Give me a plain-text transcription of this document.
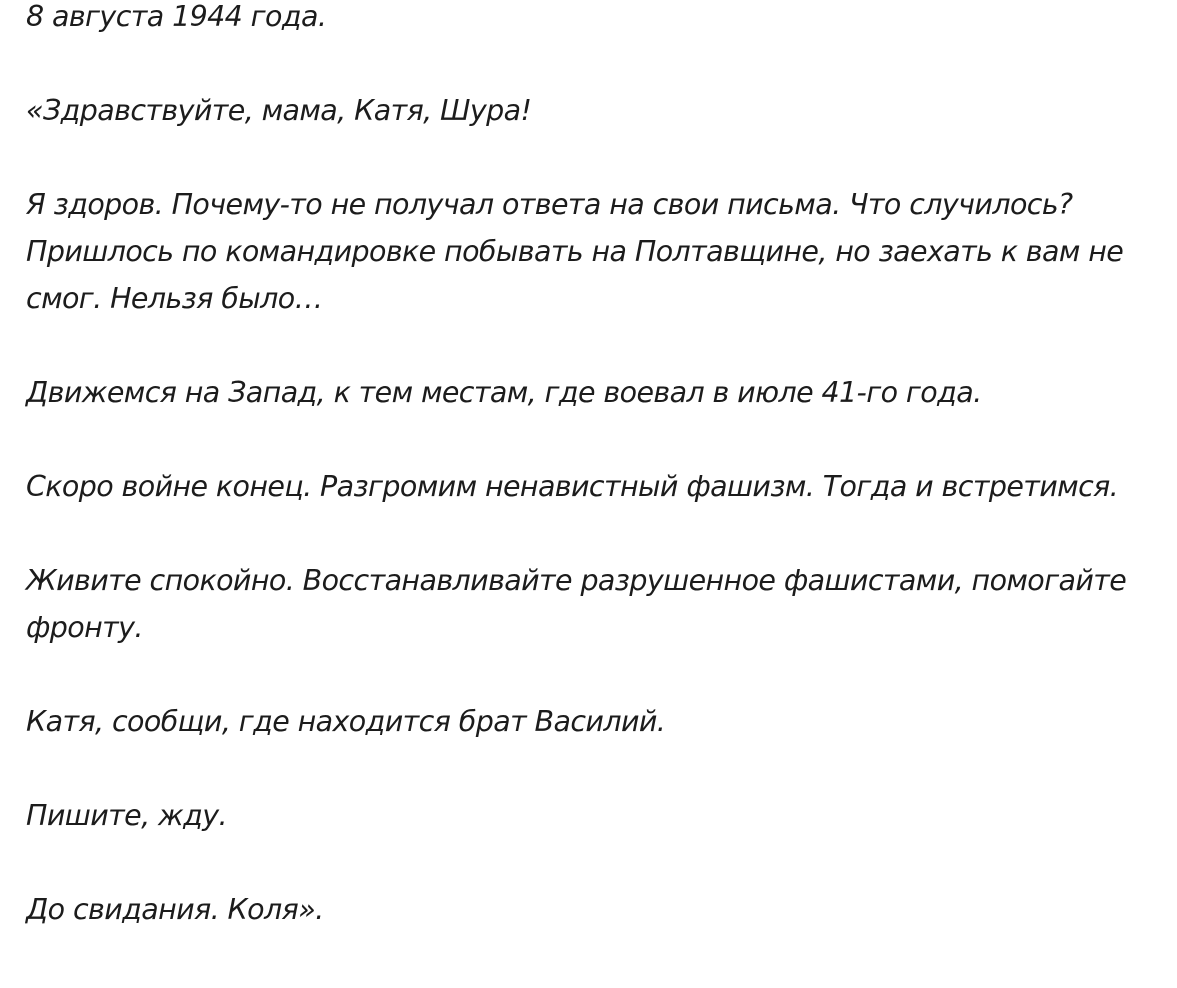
8 августа 1944 года.

«Здравствуйте, мама, Катя, Шура!

Я здоров. Почему-то не получал ответа на свои письма. Что случилось? Пришлось по командировке побывать на Полтавщине, но заехать к вам не смог. Нельзя было…

Движемся на Запад, к тем местам, где воевал в июле 41-го года.

Скоро войне конец. Разгромим ненавистный фашизм. Тогда и встретимся.

Живите спокойно. Восстанавливайте разрушенное фашистами, помогайте фронту.

Катя, сообщи, где находится брат Василий.

Пишите, жду.

До свидания. Коля».
